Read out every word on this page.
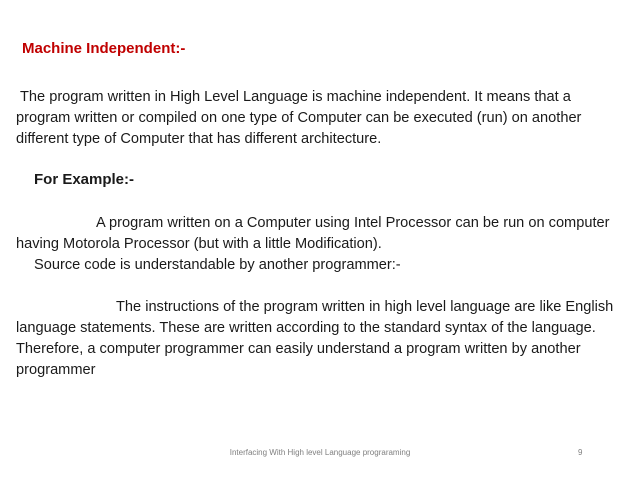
Machine Independent:-

The program written in High Level Language is machine independent. It means that a program written or compiled on one type of Computer can be executed (run) on another different type of Computer that has different architecture.

For Example:-

A program written on a Computer using Intel Processor can be run on computer having Motorola Processor (but with a little Modification).

Source code is understandable by another programmer:-

The instructions of the program written in high level language are like English language statements. These are written according to the standard syntax of the language. Therefore, a computer programmer can easily understand a program written by another programmer

Interfacing With High level Language prograraming	9
